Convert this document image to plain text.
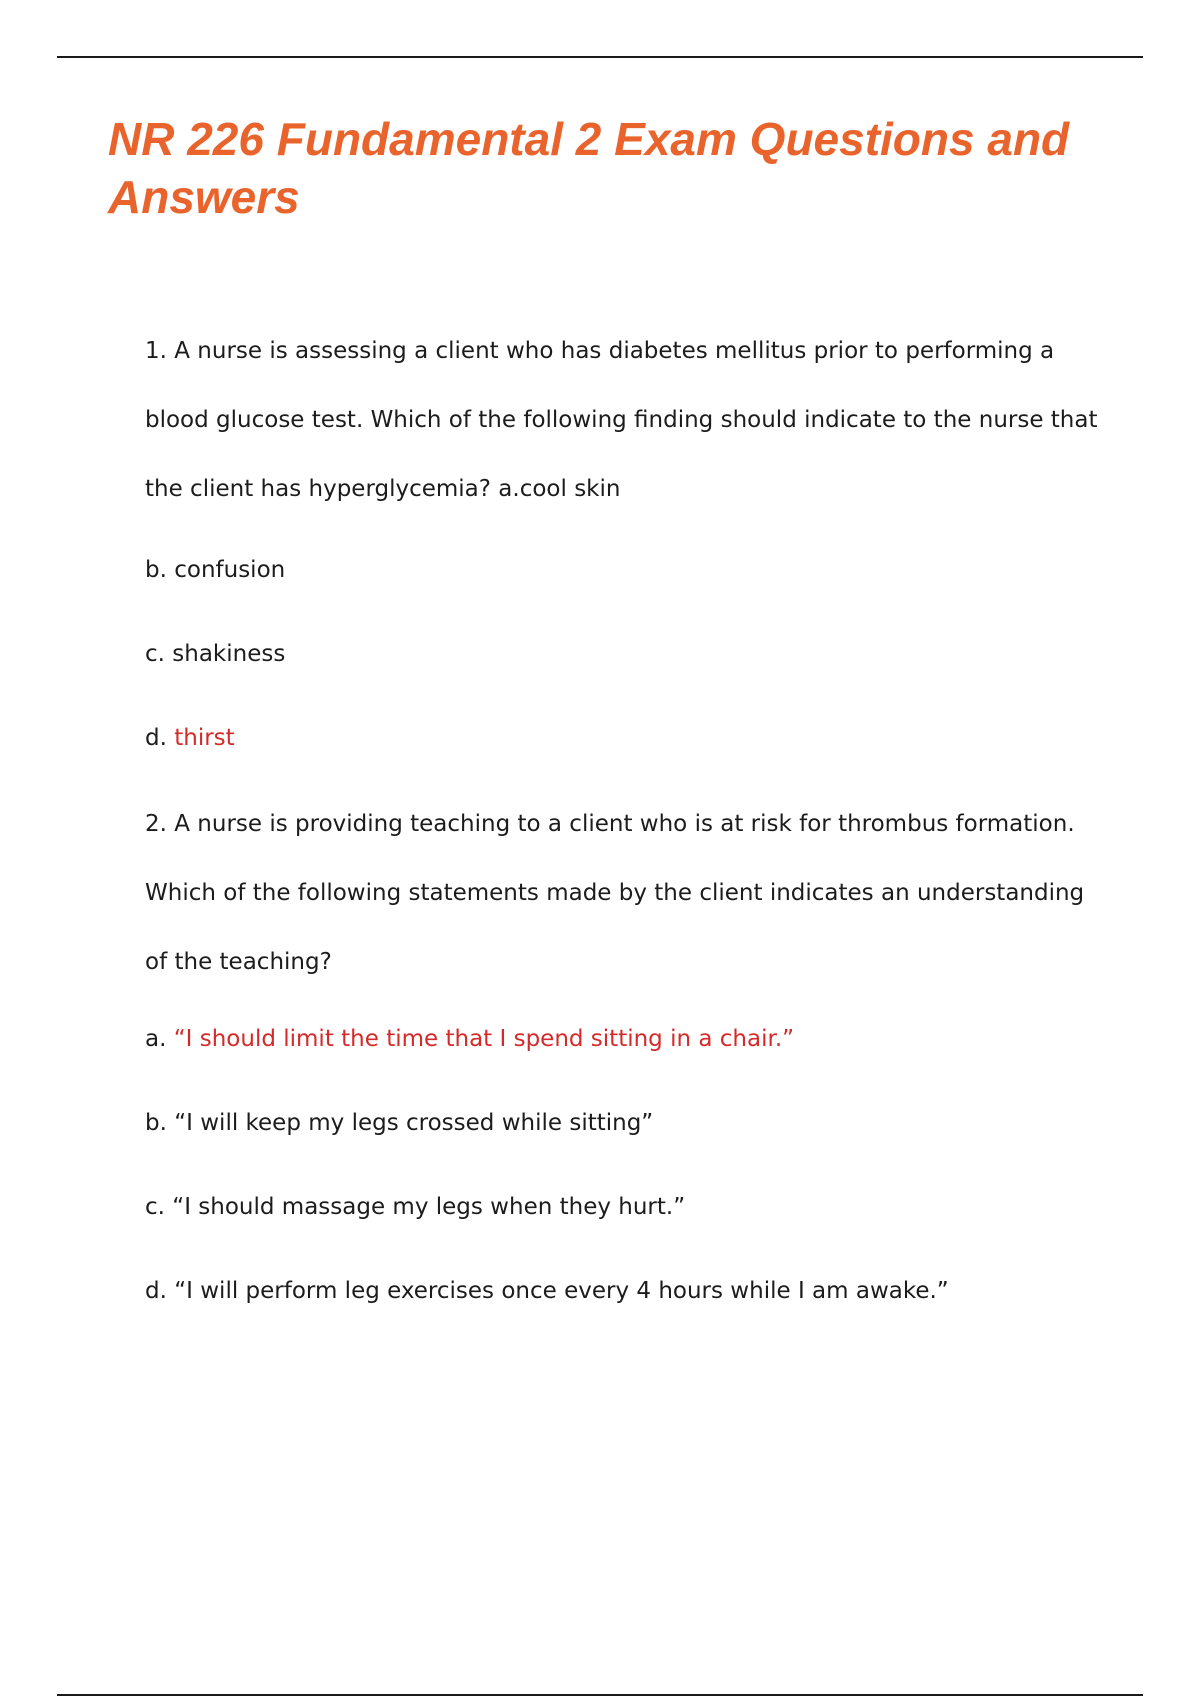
NR 226 Fundamental 2 Exam Questions and Answers

1. A nurse is assessing a client who has diabetes mellitus prior to performing a blood glucose test. Which of the following finding should indicate to the nurse that the client has hyperglycemia? a.cool skin

b. confusion

c. shakiness

d. thirst

2. A nurse is providing teaching to a client who is at risk for thrombus formation. Which of the following statements made by the client indicates an understanding of the teaching?

a. “I should limit the time that I spend sitting in a chair.”

b. “I will keep my legs crossed while sitting”

c. “I should massage my legs when they hurt.”

d. “I will perform leg exercises once every 4 hours while I am awake.”
